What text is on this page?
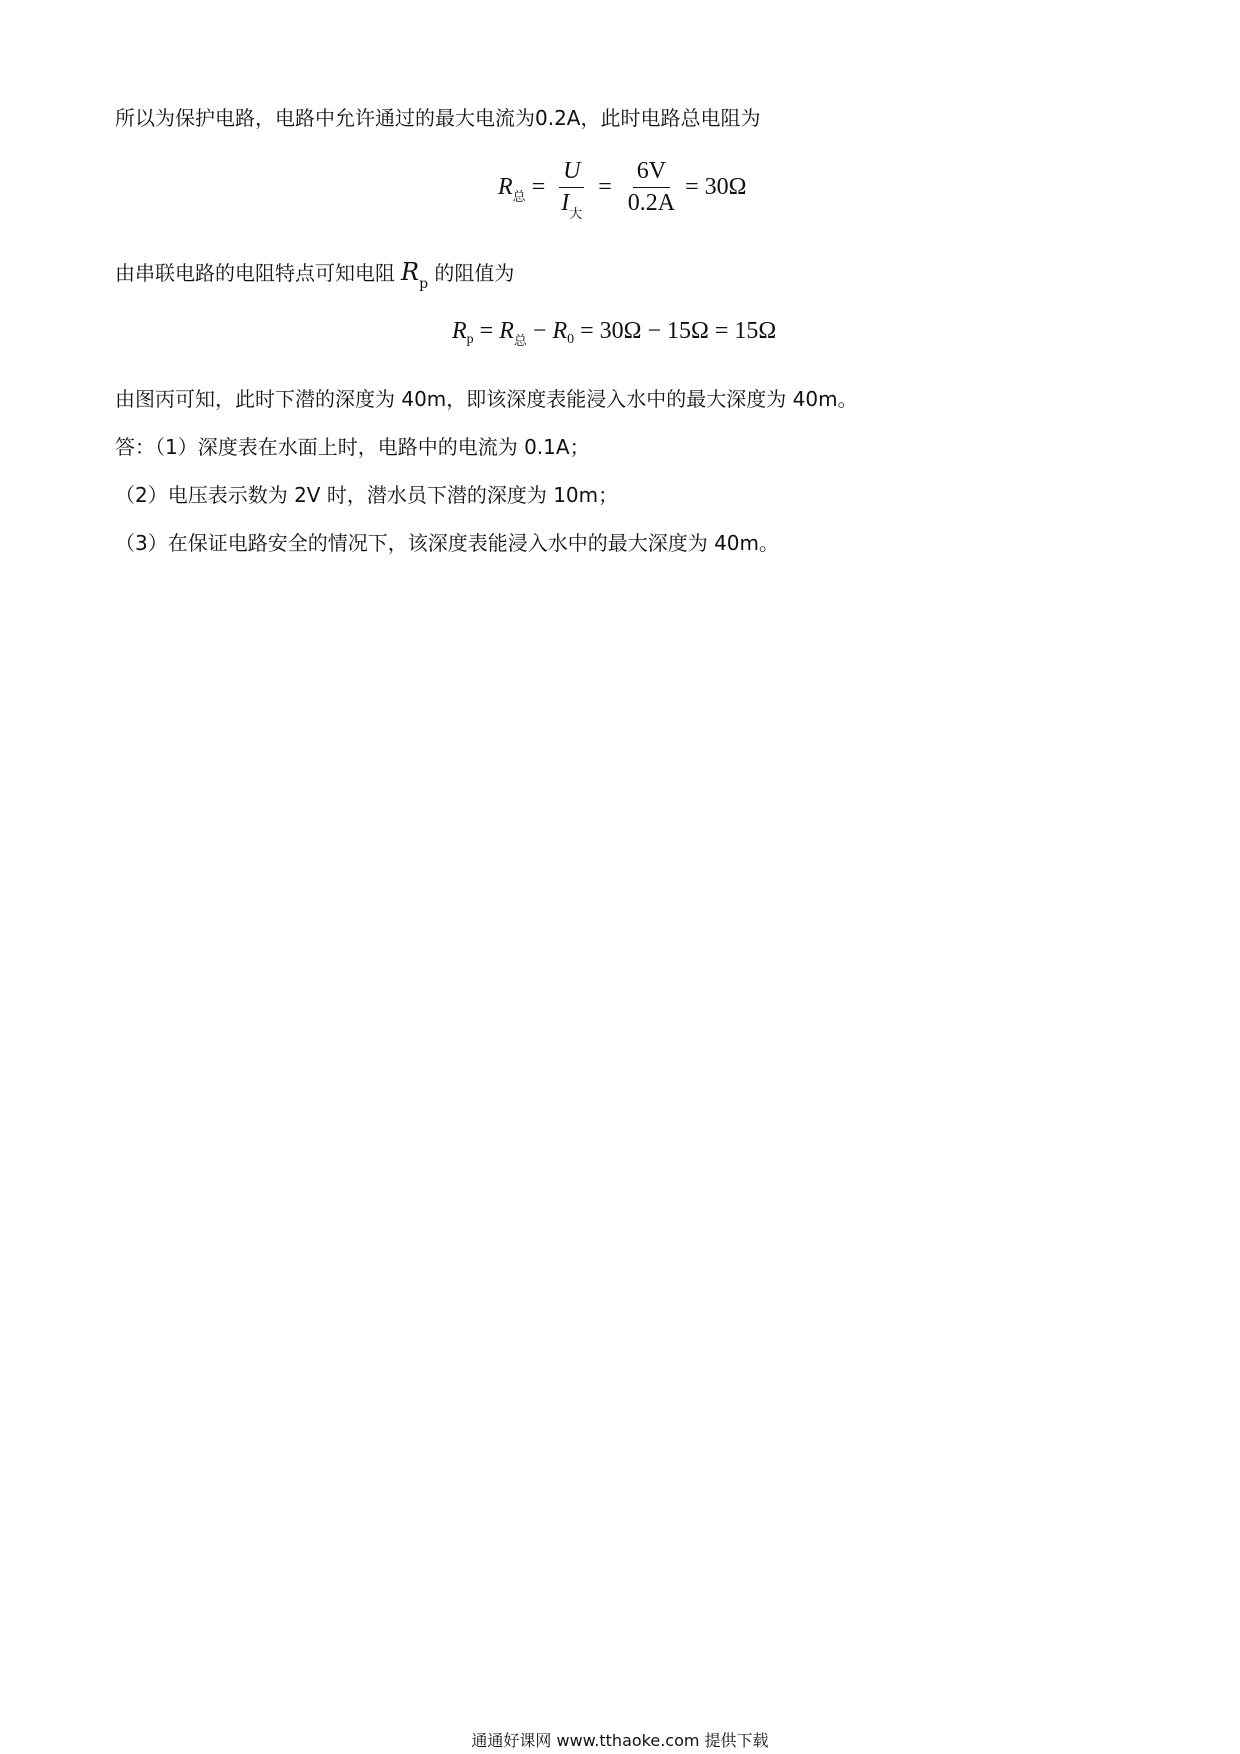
所以为保护电路，电路中允许通过的最大电流为0.2A，此时电路总电阻为
R 总 = $\frac{U}{I_大} = \frac{6V}{0.2A} = 30\Omega$
由串联电路的电阻特点可知电阻 $R_p$ 的阻值为
R p = R 总 − R 0 = 30Ω − 15Ω = 15Ω
由图丙可知，此时下潜的深度为 40m，即该深度表能浸入水中的最大深度为 40m。
答：（1）深度表在水面上时，电路中的电流为 0.1A；
（2）电压表示数为 2V 时，潜水员下潜的深度为 10m；
（3）在保证电路安全的情况下，该深度表能浸入水中的最大深度为 40m。
通通好课网 www.tthaoke.com 提供下载
